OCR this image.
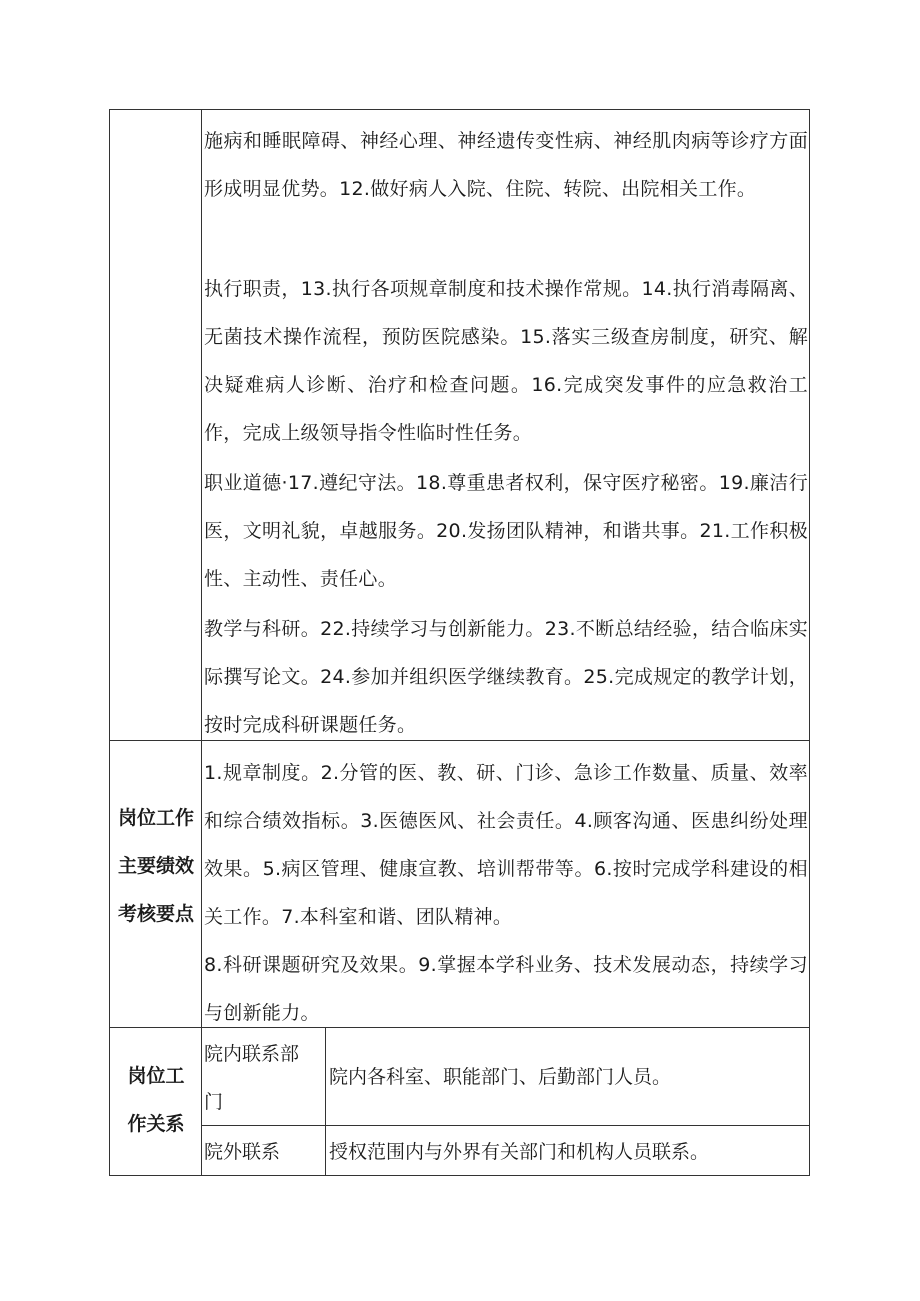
施病和睡眠障碍、神经心理、神经遗传变性病、神经肌肉病等诊疗方面形成明显优势。12.做好病人入院、住院、转院、出院相关工作。
执行职责，13.执行各项规章制度和技术操作常规。14.执行消毒隔离、无菌技术操作流程，预防医院感染。15.落实三级查房制度，研究、解决疑难病人诊断、治疗和检查问题。16.完成突发事件的应急救治工作，完成上级领导指令性临时性任务。
职业道德·17.遵纪守法。18.尊重患者权利，保守医疗秘密。19.廉洁行医，文明礼貌，卓越服务。20.发扬团队精神，和谐共事。21.工作积极性、主动性、责任心。
教学与科研。22.持续学习与创新能力。23.不断总结经验，结合临床实际撰写论文。24.参加并组织医学继续教育。25.完成规定的教学计划，按时完成科研课题任务。
岗位工作主要绩效考核要点
1.规章制度。2.分管的医、教、研、门诊、急诊工作数量、质量、效率和综合绩效指标。3.医德医风、社会责任。4.顾客沟通、医患纠纷处理效果。5.病区管理、健康宣教、培训帮带等。6.按时完成学科建设的相关工作。7.本科室和谐、团队精神。
8.科研课题研究及效果。9.掌握本学科业务、技术发展动态，持续学习与创新能力。
岗位工作关系
院内联系部门
院内各科室、职能部门、后勤部门人员。
院外联系	授权范围内与外界有关部门和机构人员联系。
